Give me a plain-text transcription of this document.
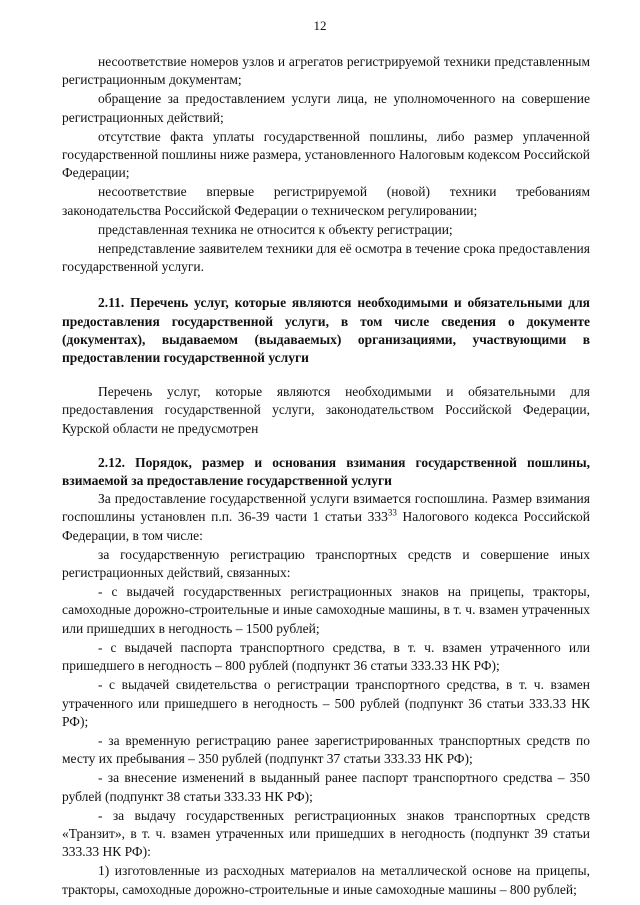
12

несоответствие номеров узлов и агрегатов регистрируемой техники представленным регистрационным документам;

обращение за предоставлением услуги лица, не уполномоченного на совершение регистрационных действий;

отсутствие факта уплаты государственной пошлины, либо размер уплаченной государственной пошлины ниже размера, установленного Налоговым кодексом Российской Федерации;

несоответствие впервые регистрируемой (новой) техники требованиям законодательства Российской Федерации о техническом регулировании;

представленная техника не относится к объекту регистрации;

непредставление заявителем техники для её осмотра в течение срока предоставления государственной услуги.

2.11. Перечень услуг, которые являются необходимыми и обязательными для предоставления государственной услуги, в том числе сведения о документе (документах), выдаваемом (выдаваемых) организациями, участвующими в предоставлении государственной услуги

Перечень услуг, которые являются необходимыми и обязательными для предоставления государственной услуги, законодательством Российской Федерации, Курской области не предусмотрен

2.12. Порядок, размер и основания взимания государственной пошлины, взимаемой за предоставление государственной услуги

За предоставление государственной услуги взимается госпошлина. Размер взимания госпошлины установлен п.п. 36-39 части 1 статьи $333^{33}$ Налогового кодекса Российской Федерации, в том числе:

за государственную регистрацию транспортных средств и совершение иных регистрационных действий, связанных:

- с выдачей государственных регистрационных знаков на прицепы, тракторы, самоходные дорожно-строительные и иные самоходные машины, в т. ч. взамен утраченных или пришедших в негодность – 1500 рублей;

- с выдачей паспорта транспортного средства, в т. ч. взамен утраченного или пришедшего в негодность – 800 рублей (подпункт 36 статьи 333.33 НК РФ);

- с выдачей свидетельства о регистрации транспортного средства, в т. ч. взамен утраченного или пришедшего в негодность – 500 рублей (подпункт 36 статьи 333.33 НК РФ);

- за временную регистрацию ранее зарегистрированных транспортных средств по месту их пребывания – 350 рублей (подпункт 37 статьи 333.33 НК РФ);

- за внесение изменений в выданный ранее паспорт транспортного средства – 350 рублей (подпункт 38 статьи 333.33 НК РФ);

- за выдачу государственных регистрационных знаков транспортных средств «Транзит», в т. ч. взамен утраченных или пришедших в негодность (подпункт 39 статьи 333.33 НК РФ):

1) изготовленные из расходных материалов на металлической основе на прицепы, тракторы, самоходные дорожно-строительные и иные самоходные машины – 800 рублей;
